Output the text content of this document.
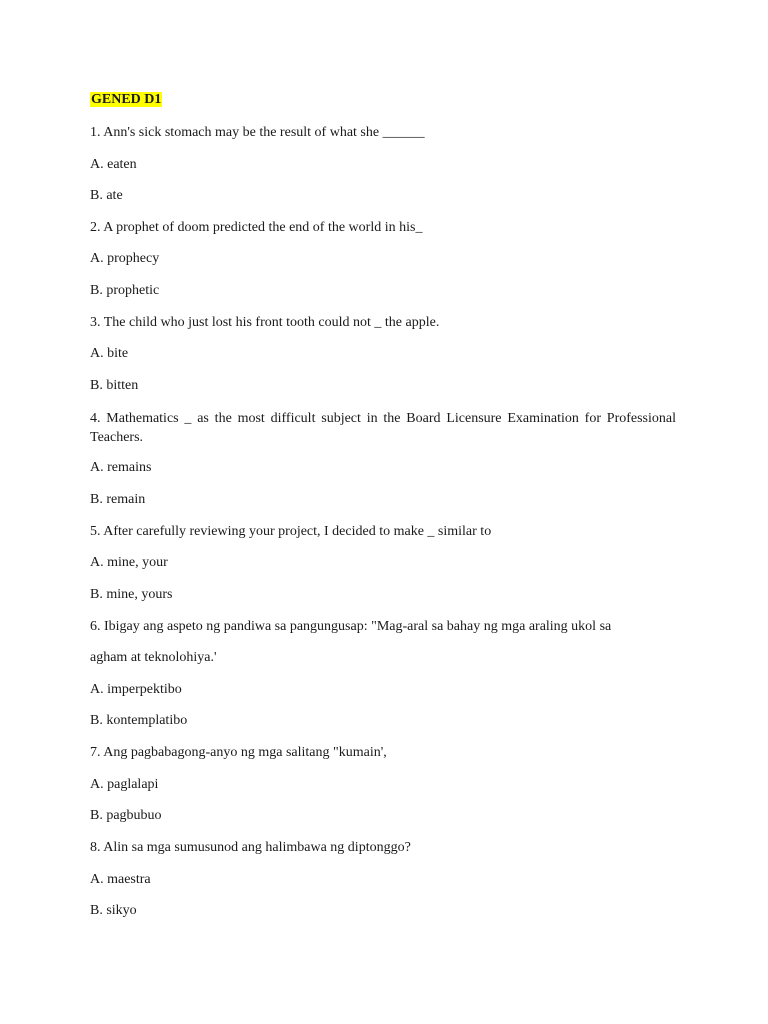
GENED D1
1. Ann's sick stomach may be the result of what she ______
A. eaten
B. ate
2. A prophet of doom predicted the end of the world in his_
A. prophecy
B. prophetic
3. The child who just lost his front tooth could not _ the apple.
A. bite
B. bitten
4. Mathematics _ as the most difficult subject in the Board Licensure Examination for Professional Teachers.
A. remains
B. remain
5. After carefully reviewing your project, I decided to make _ similar to
A. mine, your
B. mine, yours
6. Ibigay ang aspeto ng pandiwa sa pangungusap: "Mag-aral sa bahay ng mga araling ukol sa
agham at teknolohiya.'
A. imperpektibo
B. kontemplatibo
7. Ang pagbabagong-anyo ng mga salitang "kumain',
A. paglalapi
B. pagbubuo
8. Alin sa mga sumusunod ang halimbawa ng diptonggo?
A. maestra
B. sikyo
